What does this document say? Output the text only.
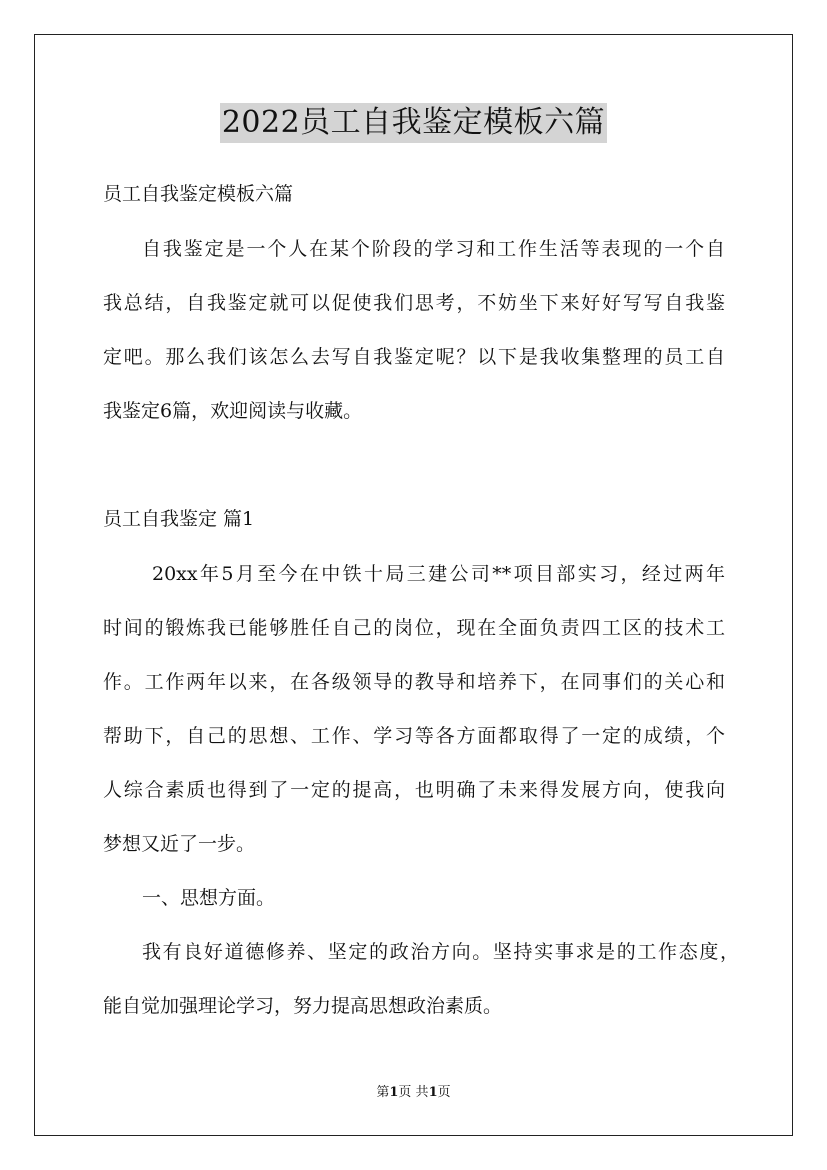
2022员工自我鉴定模板六篇

员工自我鉴定模板六篇

自我鉴定是一个人在某个阶段的学习和工作生活等表现的一个自

我总结，自我鉴定就可以促使我们思考，不妨坐下来好好写写自我鉴

定吧。那么我们该怎么去写自我鉴定呢？以下是我收集整理的员工自

我鉴定6篇，欢迎阅读与收藏。

员工自我鉴定 篇1

20xx年5月至今在中铁十局三建公司**项目部实习，经过两年

时间的锻炼我已能够胜任自己的岗位，现在全面负责四工区的技术工

作。工作两年以来，在各级领导的教导和培养下，在同事们的关心和

帮助下，自己的思想、工作、学习等各方面都取得了一定的成绩，个

人综合素质也得到了一定的提高，也明确了未来得发展方向，使我向

梦想又近了一步。

一、思想方面。

我有良好道德修养、坚定的政治方向。坚持实事求是的工作态度，

能自觉加强理论学习，努力提高思想政治素质。

第1页 共1页
